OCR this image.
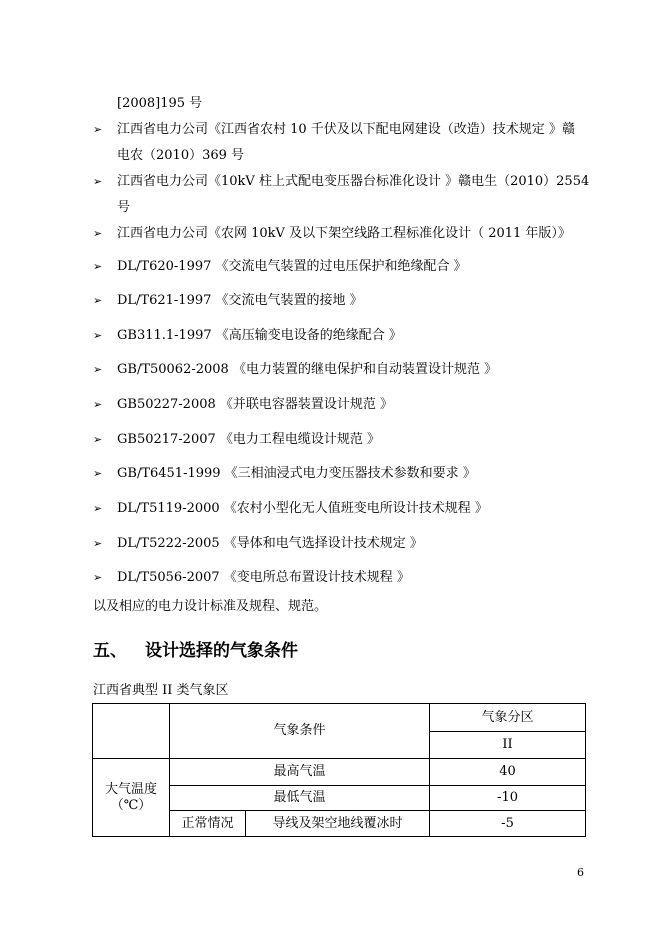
[2008]195 号
➢ 江西省电力公司《江西省农村 10 千伏及以下配电网建设（改造）技术规定 》赣
电农（2010）369 号
➢ 江西省电力公司《10kV 柱上式配电变压器台标准化设计 》赣电生（2010）2554
号
➢ 江西省电力公司《农网 10kV 及以下架空线路工程标准化设计（ 2011 年版）》
➢ DL/T620-1997 《交流电气装置的过电压保护和绝缘配合 》
➢ DL/T621-1997 《交流电气装置的接地 》
➢ GB311.1-1997 《高压输变电设备的绝缘配合 》
➢ GB/T50062-2008 《电力装置的继电保护和自动装置设计规范 》
➢ GB50227-2008 《并联电容器装置设计规范 》
➢ GB50217-2007 《电力工程电缆设计规范 》
➢ GB/T6451-1999 《三相油浸式电力变压器技术参数和要求 》
➢ DL/T5119-2000 《农村小型化无人值班变电所设计技术规程 》
➢ DL/T5222-2005 《导体和电气选择设计技术规定 》
➢ DL/T5056-2007 《变电所总布置设计技术规程 》
以及相应的电力设计标准及规程、规范。
五、 设计选择的气象条件
江西省典型 II 类气象区
	气象条件		气象分区
			II

大气温度
（℃）	最高气温		40
	最低气温		-10
	正常情况	导线及架空地线覆冰时	-5
6
